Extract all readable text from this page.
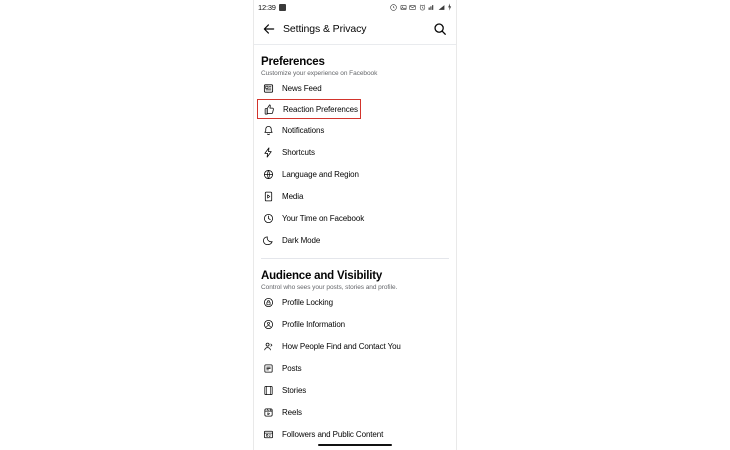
12:39
Settings & Privacy
Preferences
Customize your experience on Facebook
News Feed
Reaction Preferences
Notifications
Shortcuts
Language and Region
Media
Your Time on Facebook
Dark Mode
Audience and Visibility
Control who sees your posts, stories and profile.
Profile Locking
Profile Information
How People Find and Contact You
Posts
Stories
Reels
Followers and Public Content
